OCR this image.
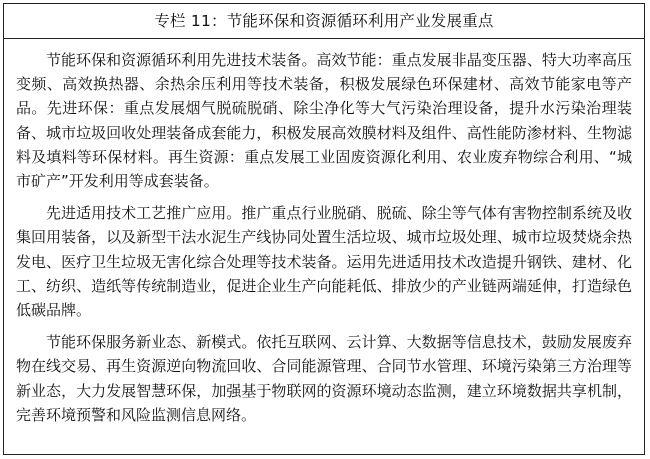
专栏 11：节能环保和资源循环利用产业发展重点

节能环保和资源循环利用先进技术装备。高效节能：重点发展非晶变压器、特大功率高压变频、高效换热器、余热余压利用等技术装备，积极发展绿色环保建材、高效节能家电等产品。先进环保：重点发展烟气脱硫脱硝、除尘净化等大气污染治理设备，提升水污染治理装备、城市垃圾回收处理装备成套能力，积极发展高效膜材料及组件、高性能防渗材料、生物滤料及填料等环保材料。再生资源：重点发展工业固废资源化利用、农业废弃物综合利用、“城市矿产”开发利用等成套装备。

先进适用技术工艺推广应用。推广重点行业脱硝、脱硫、除尘等气体有害物控制系统及收集回用装备，以及新型干法水泥生产线协同处置生活垃圾、城市垃圾处理、城市垃圾焚烧余热发电、医疗卫生垃圾无害化综合处理等技术装备。运用先进适用技术改造提升钢铁、建材、化工、纺织、造纸等传统制造业，促进企业生产向能耗低、排放少的产业链两端延伸，打造绿色低碳品牌。

节能环保服务新业态、新模式。依托互联网、云计算、大数据等信息技术，鼓励发展废弃物在线交易、再生资源逆向物流回收、合同能源管理、合同节水管理、环境污染第三方治理等新业态，大力发展智慧环保，加强基于物联网的资源环境动态监测，建立环境数据共享机制，完善环境预警和风险监测信息网络。
